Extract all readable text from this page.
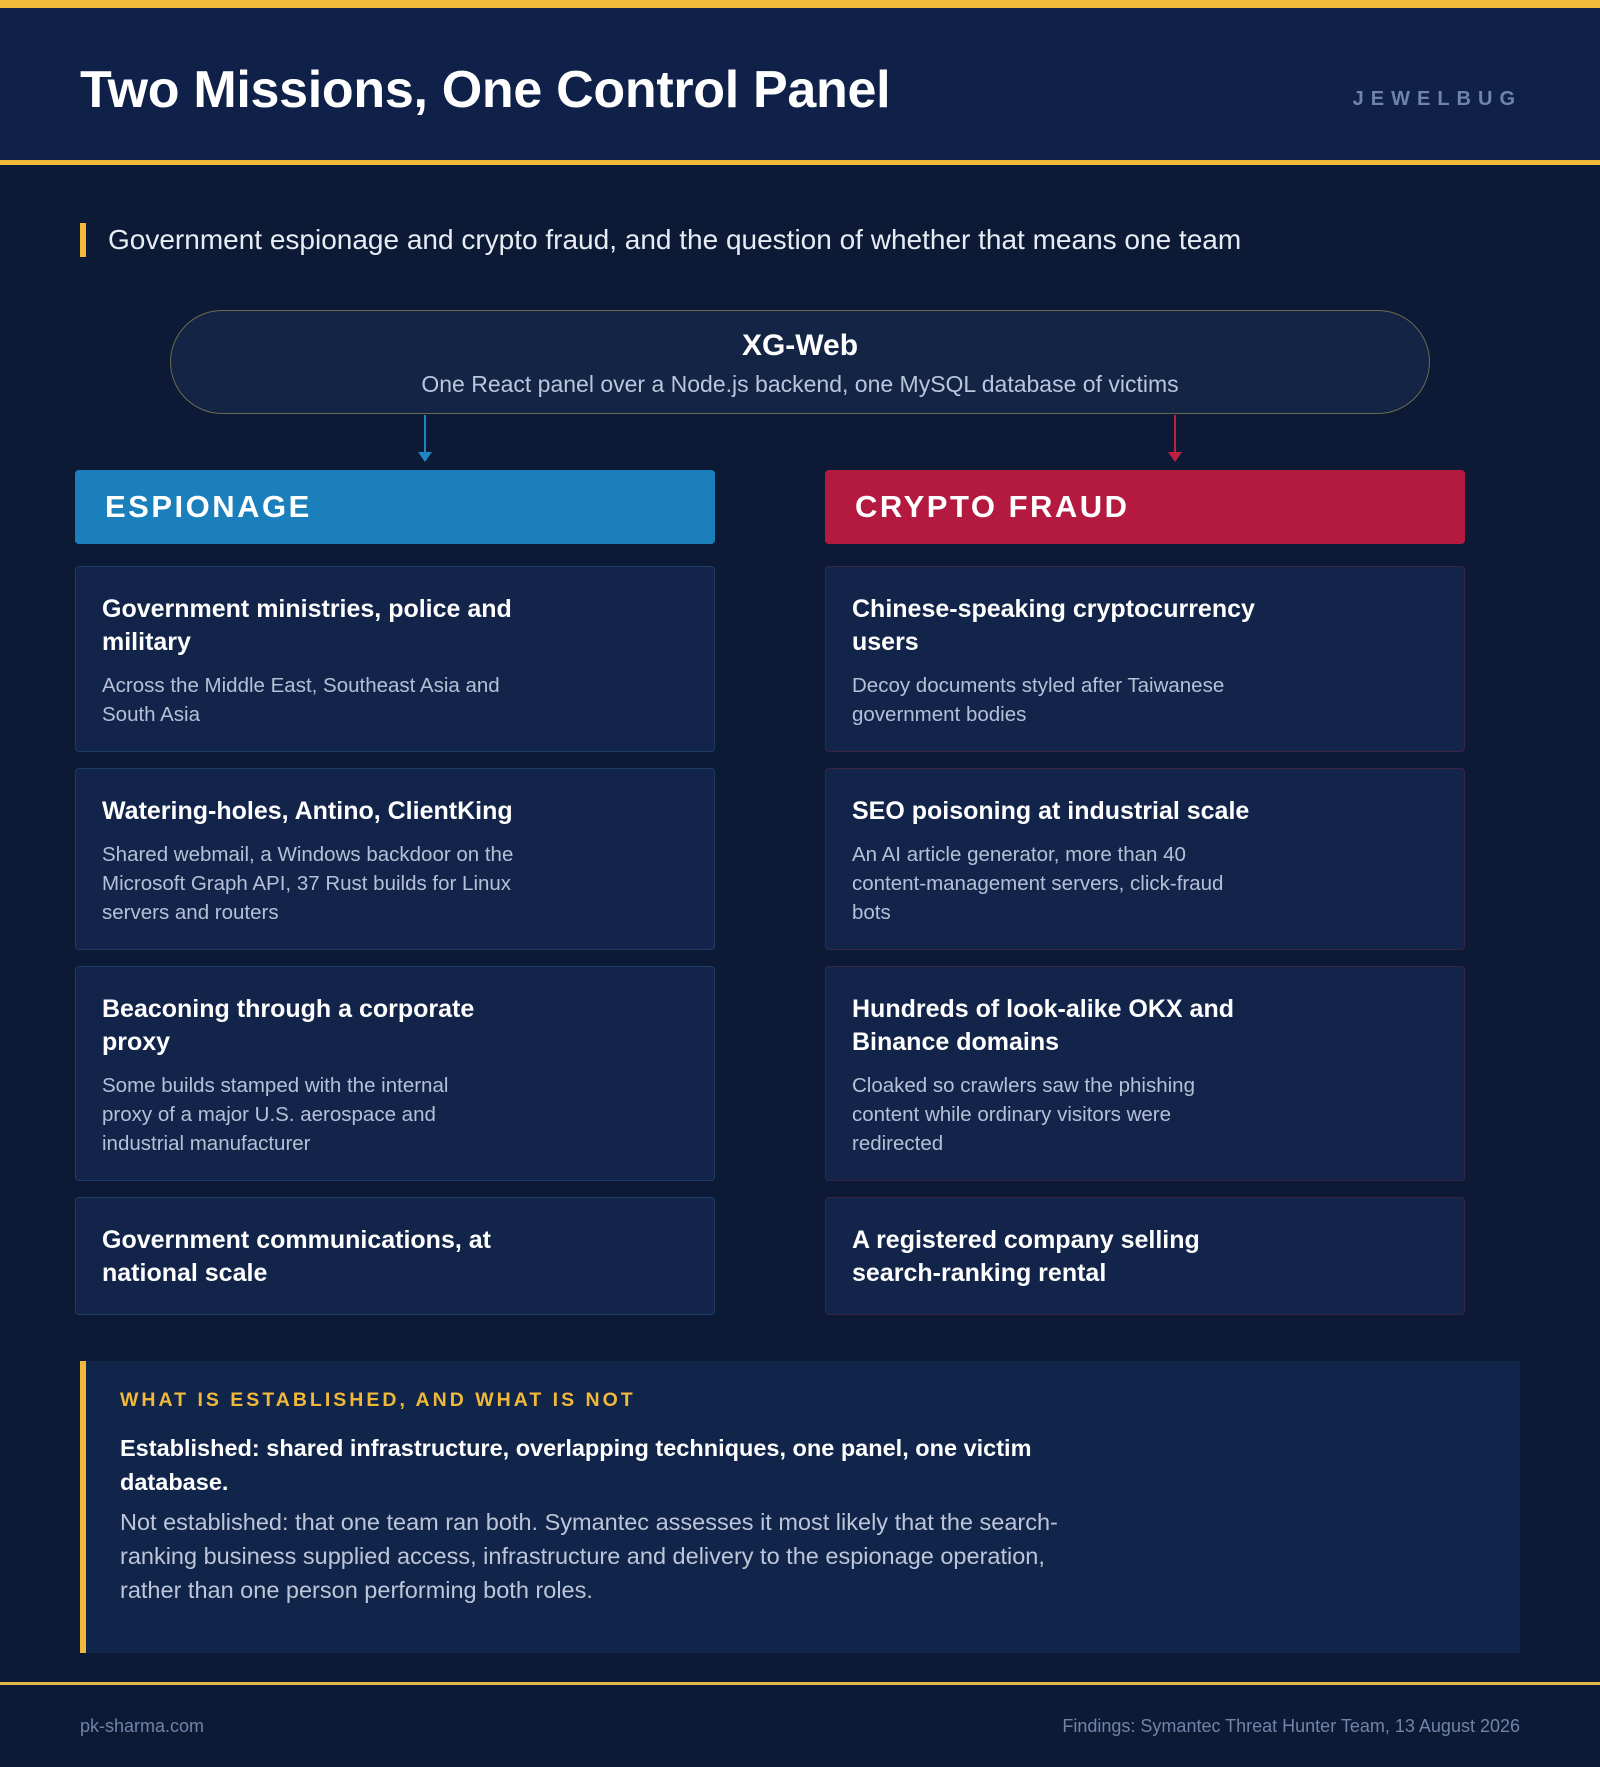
Two Missions, One Control Panel	JEWELBUG
Government espionage and crypto fraud, and the question of whether that means one team
XG-Web
One React panel over a Node.js backend, one MySQL database of victims
ESPIONAGE	CRYPTO FRAUD
Government ministries, police and military
Across the Middle East, Southeast Asia and South Asia
Watering-holes, Antino, ClientKing
Shared webmail, a Windows backdoor on the Microsoft Graph API, 37 Rust builds for Linux servers and routers
Beaconing through a corporate proxy
Some builds stamped with the internal proxy of a major U.S. aerospace and industrial manufacturer
Government communications, at national scale
Chinese-speaking cryptocurrency users
Decoy documents styled after Taiwanese government bodies
SEO poisoning at industrial scale
An AI article generator, more than 40 content-management servers, click-fraud bots
Hundreds of look-alike OKX and Binance domains
Cloaked so crawlers saw the phishing content while ordinary visitors were redirected
A registered company selling search-ranking rental
WHAT IS ESTABLISHED, AND WHAT IS NOT
Established: shared infrastructure, overlapping techniques, one panel, one victim database.
Not established: that one team ran both. Symantec assesses it most likely that the search-ranking business supplied access, infrastructure and delivery to the espionage operation, rather than one person performing both roles.
pk-sharma.com	Findings: Symantec Threat Hunter Team, 13 August 2026
